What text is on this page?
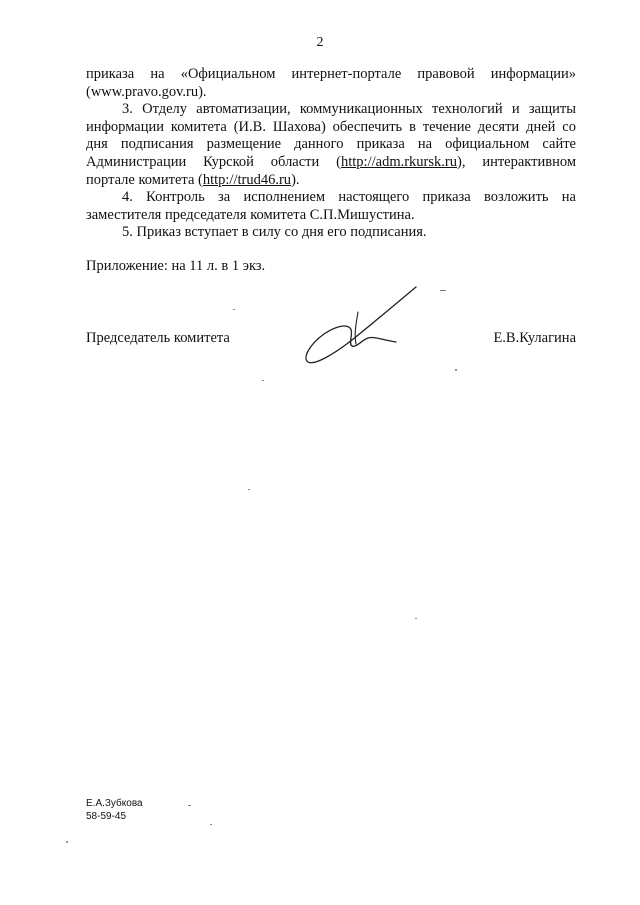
2
приказа на «Официальном интернет-портале правовой информации»
(www.pravo.gov.ru).
3. Отделу автоматизации, коммуникационных технологий и защиты
информации комитета (И.В. Шахова) обеспечить в течение десяти дней со
дня подписания размещение данного приказа на официальном сайте
Администрации Курской области (http://adm.rkursk.ru), интерактивном
портале комитета (http://trud46.ru).
4. Контроль за исполнением настоящего приказа возложить на
заместителя председателя комитета С.П.Мишустина.
5. Приказ вступает в силу со дня его подписания.
Приложение: на 11 л. в 1 экз.
Председатель комитета	Е.В.Кулагина
Е.А.Зубкова
58-59-45
